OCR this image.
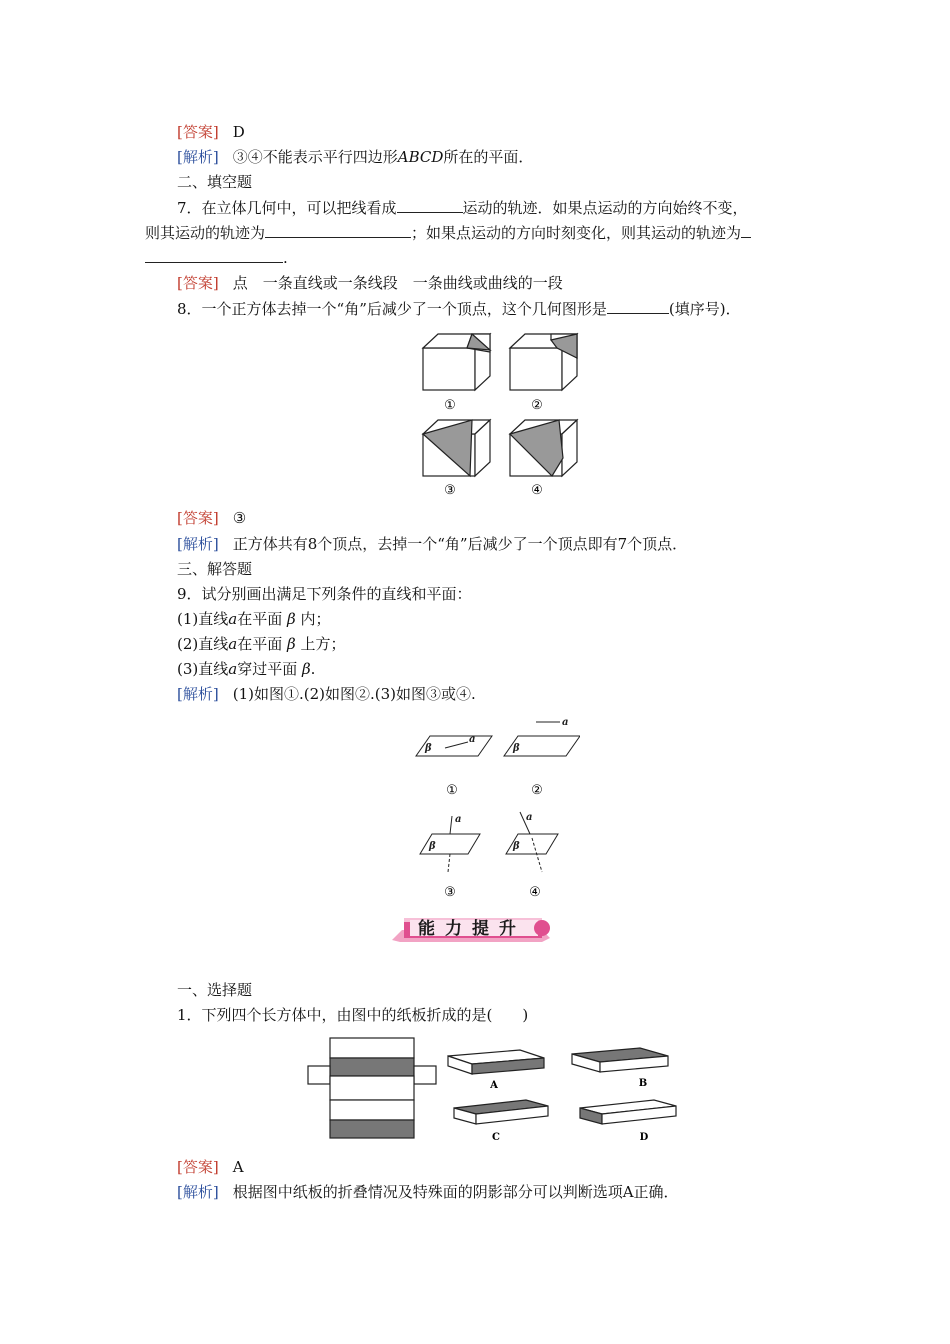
[答案] D
[解析] ③④不能表示平行四边形ABCD所在的平面．
二、填空题
7．在立体几何中，可以把线看成	运动的轨迹．如果点运动的方向始终不变，
则其运动的轨迹为	；如果点运动的方向时刻变化，则其运动的轨迹为
.
[答案] 点　一条直线或一条线段　一条曲线或曲线的一段
8．一个正方体去掉一个“角”后减少了一个顶点，这个几何图形是	(填序号)．
①	②
③	④
[答案] ③
[解析] 正方体共有8个顶点，去掉一个“角”后减少了一个顶点即有7个顶点．
三、解答题
9．试分别画出满足下列条件的直线和平面：
(1)直线a在平面 β 内；
(2)直线a在平面 β 上方；
(3)直线a穿过平面 β.
[解析] (1)如图①.(2)如图②.(3)如图③或④.
β
a
β
a
β
a
β
a
①	②
③	④
能力提升
一、选择题
1．下列四个长方体中，由图中的纸板折成的是(　　)
A	B
C	D
[答案] A
[解析] 根据图中纸板的折叠情况及特殊面的阴影部分可以判断选项A正确．
